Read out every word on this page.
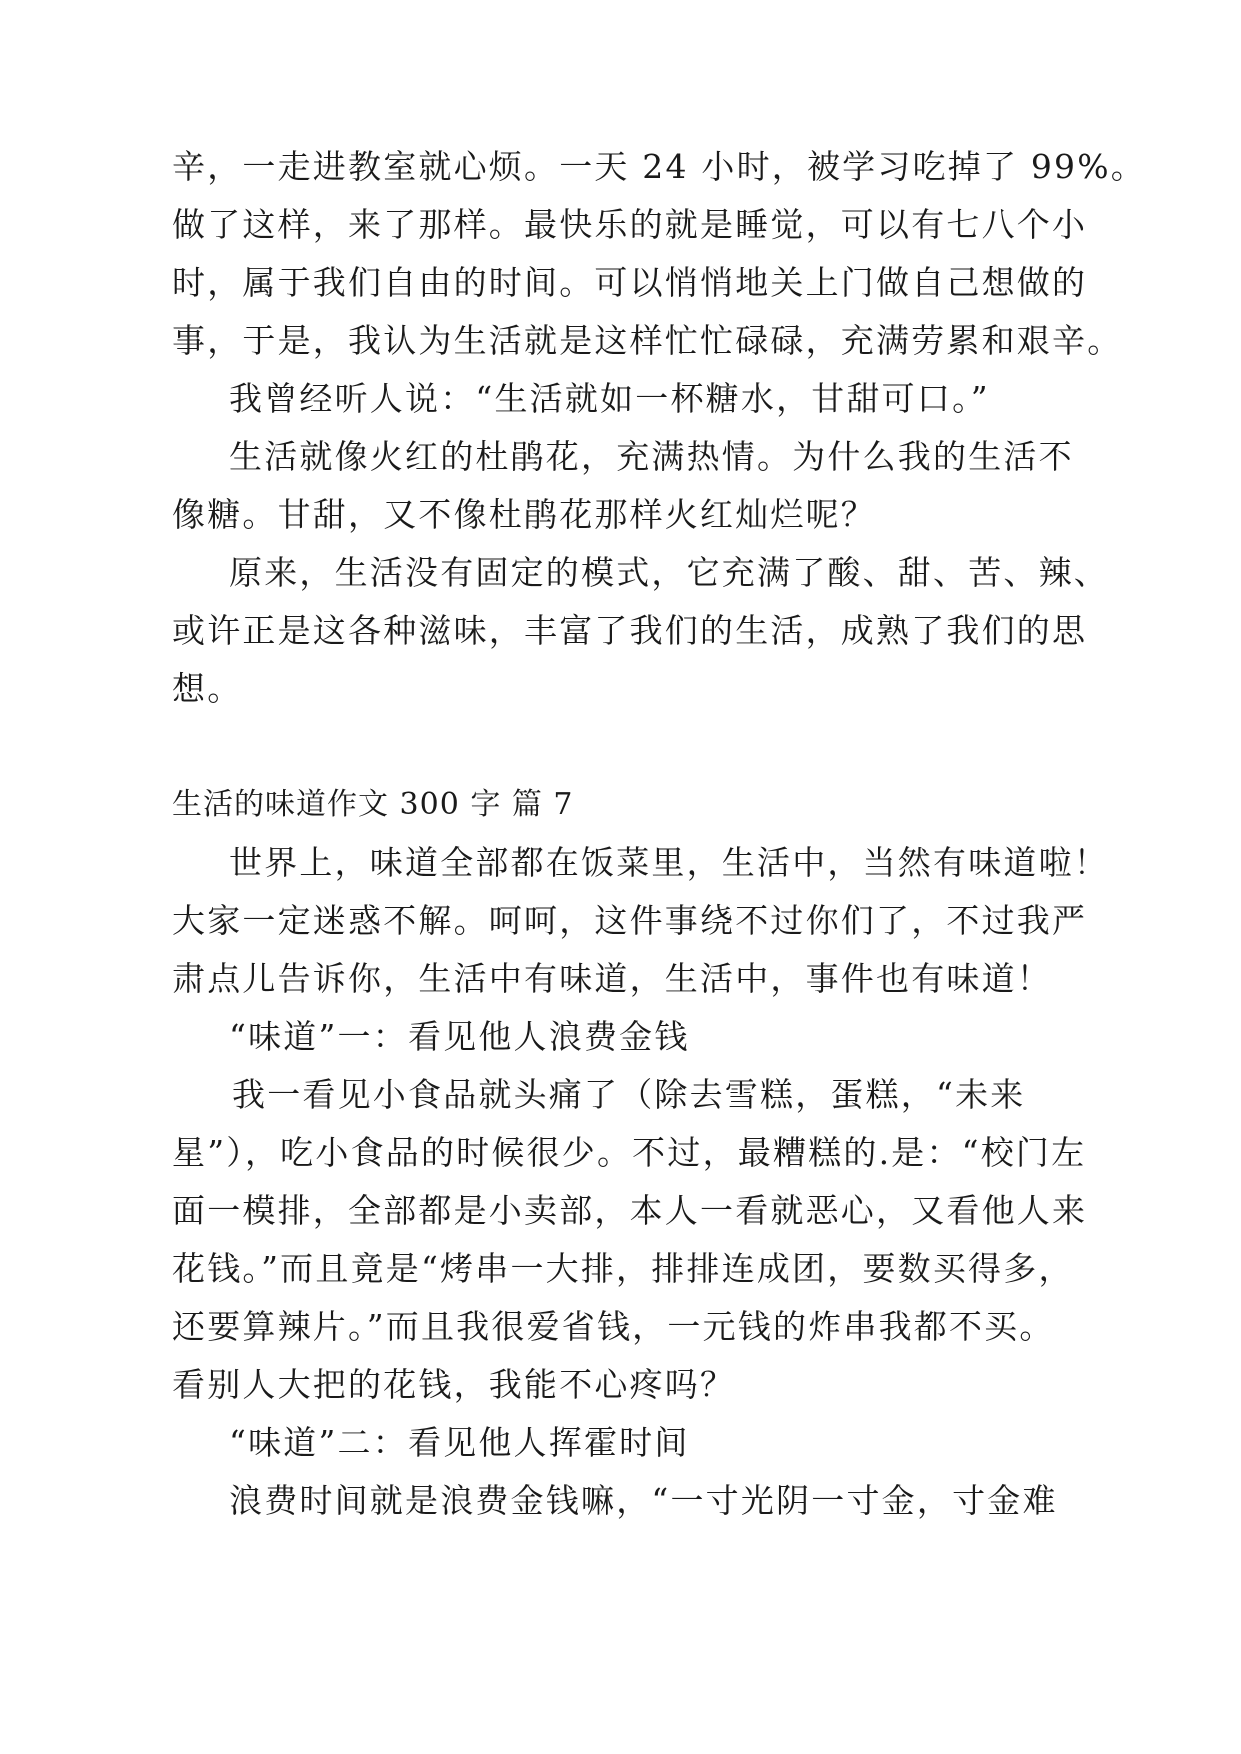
辛，一走进教室就心烦。一天 24 小时，被学习吃掉了 99%。

做了这样，来了那样。最快乐的就是睡觉，可以有七八个小

时，属于我们自由的时间。可以悄悄地关上门做自己想做的

事，于是，我认为生活就是这样忙忙碌碌，充满劳累和艰辛。

我曾经听人说：“生活就如一杯糖水，甘甜可口。”

生活就像火红的杜鹃花，充满热情。为什么我的生活不

像糖。甘甜，又不像杜鹃花那样火红灿烂呢？

原来，生活没有固定的模式，它充满了酸、甜、苦、辣、

或许正是这各种滋味，丰富了我们的生活，成熟了我们的思

想。

生活的味道作文 300 字 篇 7

世界上，味道全部都在饭菜里，生活中，当然有味道啦！

大家一定迷惑不解。呵呵，这件事绕不过你们了，不过我严

肃点儿告诉你，生活中有味道，生活中，事件也有味道！

“味道”一：看见他人浪费金钱

我一看见小食品就头痛了（除去雪糕，蛋糕，“未来

星”），吃小食品的时候很少。不过，最糟糕的.是：“校门左

面一模排，全部都是小卖部，本人一看就恶心，又看他人来

花钱。”而且竟是“烤串一大排，排排连成团，要数买得多，

还要算辣片。”而且我很爱省钱，一元钱的炸串我都不买。

看别人大把的花钱，我能不心疼吗？

“味道”二：看见他人挥霍时间

浪费时间就是浪费金钱嘛，“一寸光阴一寸金，寸金难
